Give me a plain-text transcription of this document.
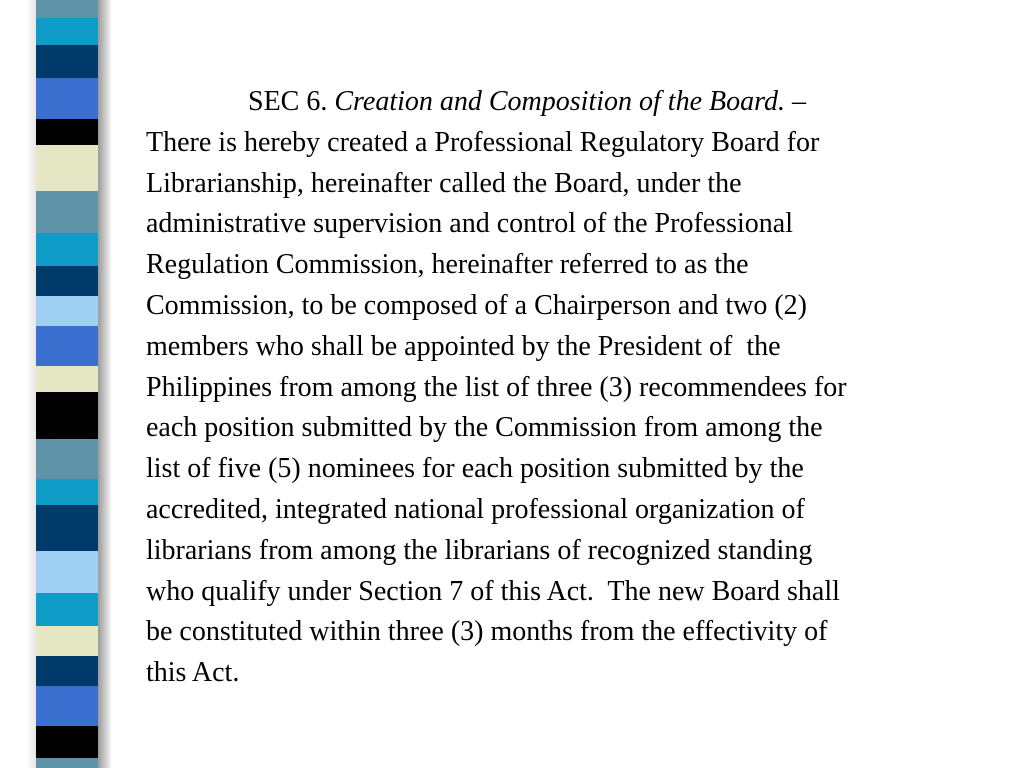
SEC 6. Creation and Composition of the Board. –
There is hereby created a Professional Regulatory Board for
Librarianship, hereinafter called the Board, under the
administrative supervision and control of the Professional
Regulation Commission, hereinafter referred to as the
Commission, to be composed of a Chairperson and two (2)
members who shall be appointed by the President of  the
Philippines from among the list of three (3) recommendees for
each position submitted by the Commission from among the
list of five (5) nominees for each position submitted by the
accredited, integrated national professional organization of
librarians from among the librarians of recognized standing
who qualify under Section 7 of this Act.  The new Board shall
be constituted within three (3) months from the effectivity of
this Act.
